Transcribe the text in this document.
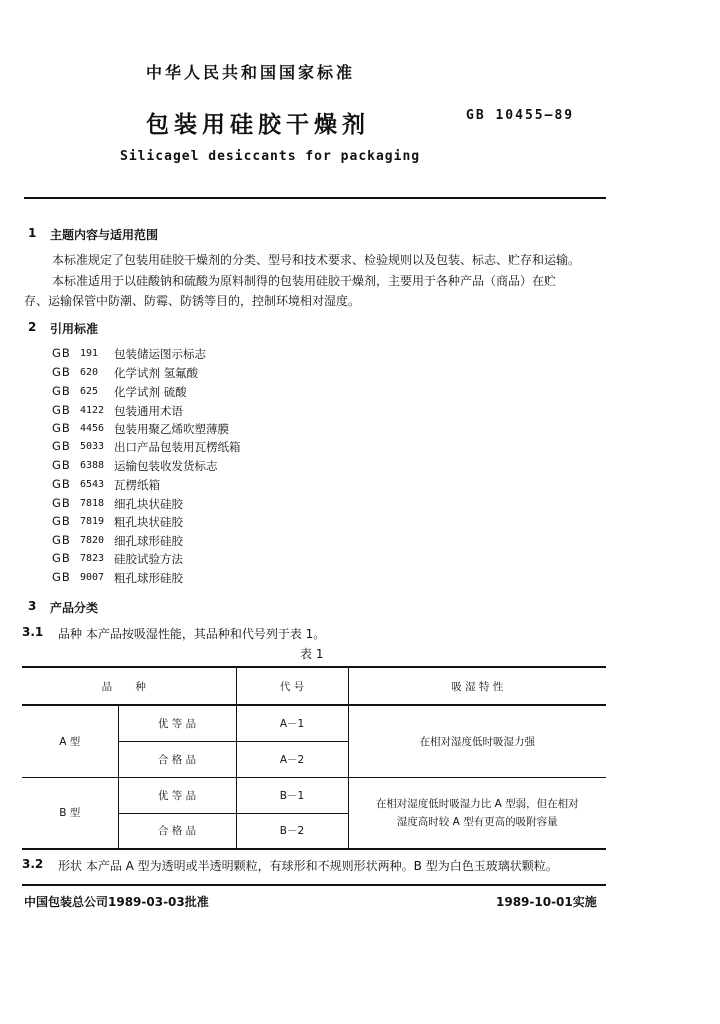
中华人民共和国国家标准
包装用硅胶干燥剂	GB 10455—89
Silicagel desiccants for packaging
1 主题内容与适用范围
本标准规定了包装用硅胶干燥剂的分类、型号和技术要求、检验规则以及包装、标志、贮存和运输。
本标准适用于以硅酸钠和硫酸为原料制得的包装用硅胶干燥剂，主要用于各种产品（商品）在贮
存、运输保管中防潮、防霉、防锈等目的，控制环境相对湿度。
2 引用标准
GB 191	包装储运图示标志
GB 620	化学试剂 氢氟酸
GB 625	化学试剂 硫酸
GB 4122 包装通用术语
GB 4456 包装用聚乙烯吹塑薄膜
GB 5033 出口产品包装用瓦楞纸箱
GB 6388 运输包装收发货标志
GB 6543 瓦楞纸箱
GB 7818 细孔块状硅胶
GB 7819 粗孔块状硅胶
GB 7820 细孔球形硅胶
GB 7823 硅胶试验方法
GB 9007 粗孔球形硅胶
3 产品分类
3.1 品种 本产品按吸湿性能，其品种和代号列于表 1。
表 1
品 种		代 号	吸 湿 特 性
A 型	优 等 品	A－1	在相对湿度低时吸湿力强
	合 格 品	A－2	
B 型	优 等 品	B－1	在相对湿度低时吸湿力比 A 型弱，但在相对
湿度高时较 A 型有更高的吸附容量

	合 格 品	B－2	
3.2 形状 本产品 A 型为透明或半透明颗粒，有球形和不规则形状两种。B 型为白色玉玻璃状颗粒。
中国包装总公司1989-03-03批准	1989-10-01实施
